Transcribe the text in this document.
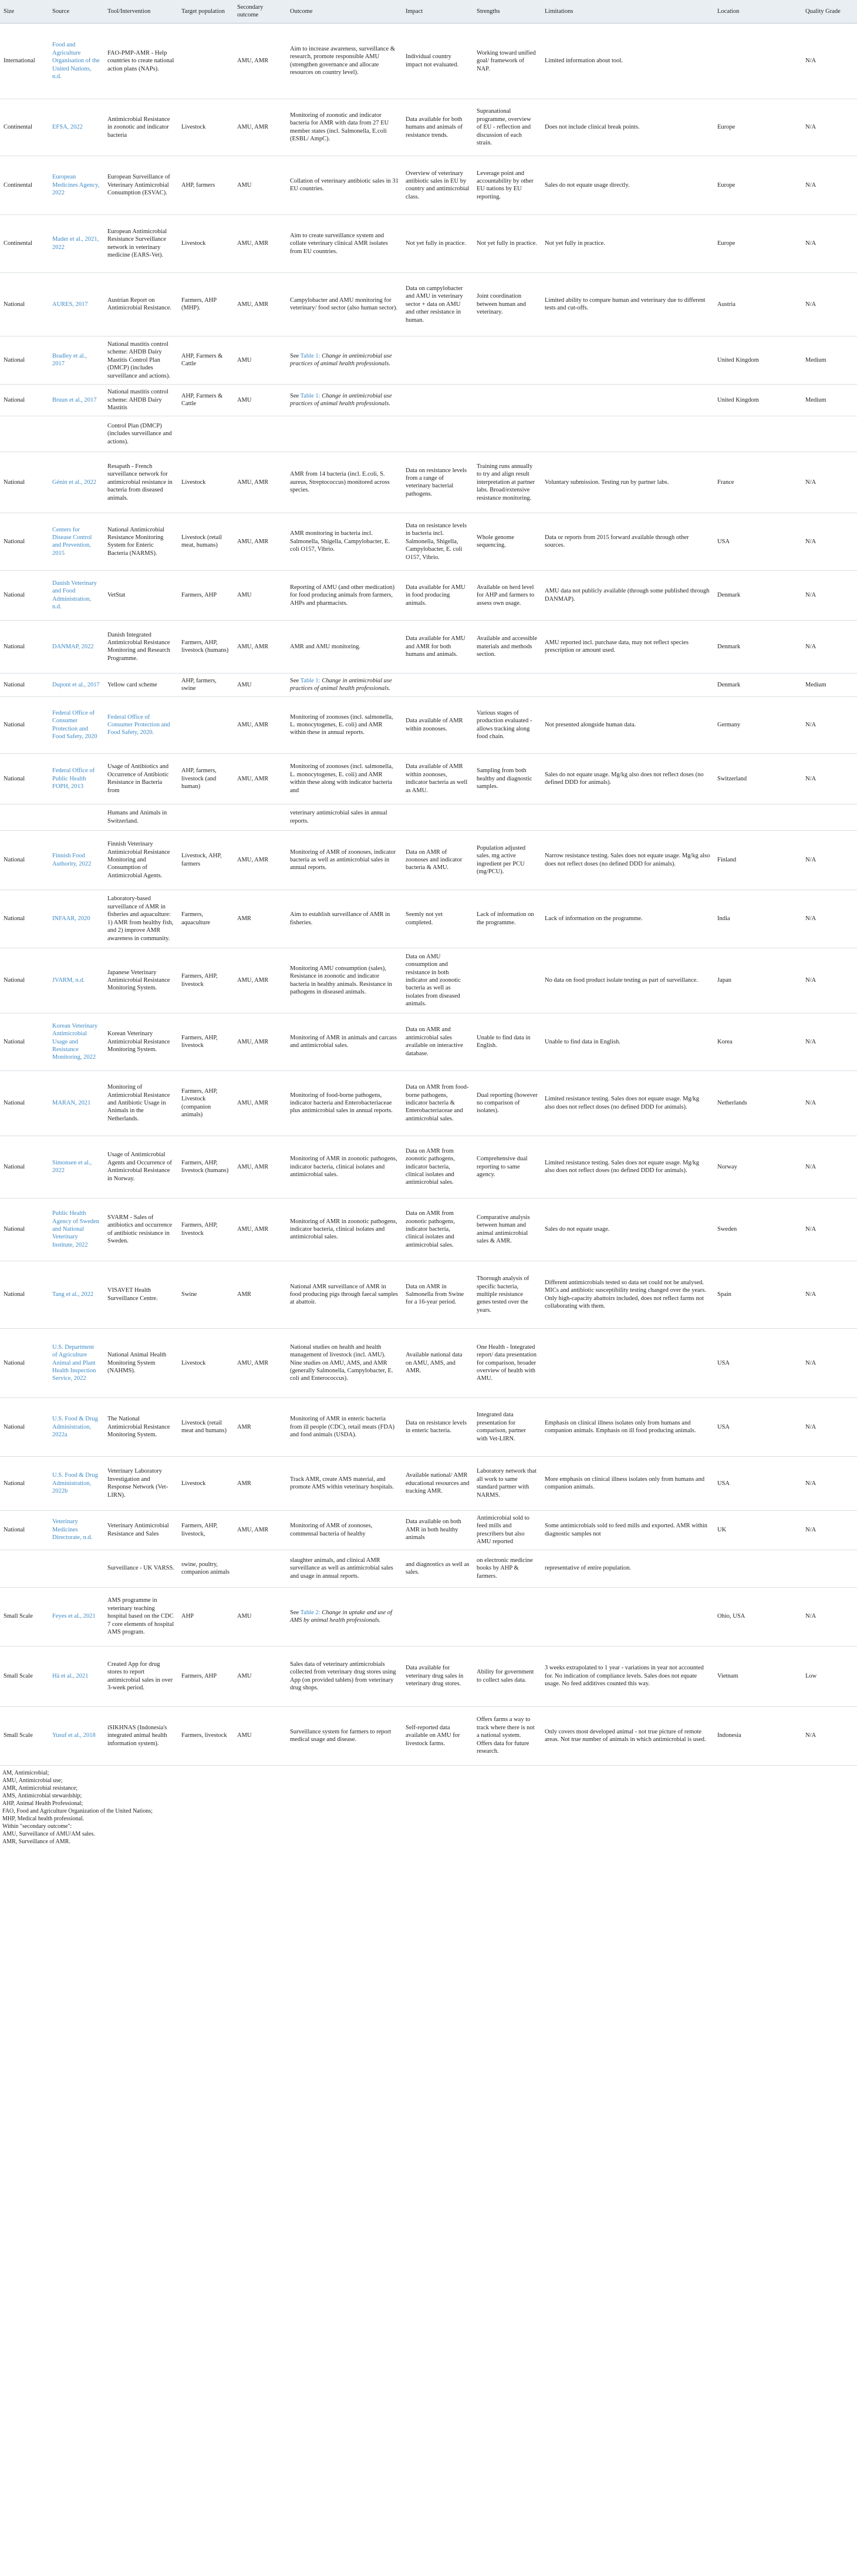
Size	Source	Tool/Intervention	Target population	Secondary outcome	Outcome	Impact	Strengths	Limitations	Location	Quality Grade
International	Food and Agriculture Organisation of the United Nations, n.d.	FAO-PMP-AMR - Help countries to create national action plans (NAPs).		AMU, AMR	Aim to increase awareness, surveillance & research, promote responsible AMU (strengthen governance and allocate resources on country level).	Individual country impact not evaluated.	Working toward unified goal/ framework of NAP.	Limited information about tool.		N/A
Continental	EFSA, 2022	Antimicrobial Resistance in zoonotic and indicator bacteria	Livestock	AMU, AMR	Monitoring of zoonotic and indicator bacteria for AMR with data from 27 EU member states (incl. Salmonella, E.coli (ESBL/ AmpC).	Data available for both humans and animals of resistance trends.	Supranational programme, overview of EU - reflection and discussion of each strain.	Does not include clinical break points.	Europe	N/A
Continental	European Medicines Agency, 2022	European Surveillance of Veterinary Antimicrobial Consumption (ESVAC).	AHP, farmers	AMU	Collation of veterinary antibiotic sales in 31 EU countries.	Overview of veterinary antibiotic sales in EU by country and antimicrobial class.	Leverage point and accountability by other EU nations by EU reporting.	Sales do not equate usage directly.	Europe	N/A
Continental	Mader et al., 2021, 2022	European Antimicrobial Resistance Surveillance network in veterinary medicine (EARS-Vet).	Livestock	AMU, AMR	Aim to create surveillance system and collate veterinary clinical AMR isolates from EU countries.	Not yet fully in practice.	Not yet fully in practice.	Not yet fully in practice.	Europe	N/A
National	AURES, 2017	Austrian Report on Antimicrobial Resistance.	Farmers, AHP (MHP).	AMU, AMR	Campylobacter and AMU monitoring for veterinary/ food sector (also human sector).	Data on campylobacter and AMU in veterinary sector + data on AMU and other resistance in human.	Joint coordination between human and veterinary.	Limited ability to compare human and veterinary due to different tests and cut-offs.	Austria	N/A
National	Bradley et al., 2017	National mastitis control scheme: AHDB Dairy Mastitis Control Plan (DMCP) (includes surveillance and actions).	AHP, Farmers & Cattle	AMU	See Table 1: Change in antimicrobial use practices of animal health professionals.				United Kingdom	Medium
National	Bruun et al., 2017	National mastitis control scheme: AHDB Dairy Mastitis	AHP, Farmers & Cattle	AMU	See Table 1: Change in antimicrobial use practices of animal health professionals.				United Kingdom	Medium
		Control Plan (DMCP) (includes surveillance and actions).								
National	Génin et al., 2022	Resapath - French surveillance network for antimicrobial resistance in bacteria from diseased animals.	Livestock	AMU, AMR	AMR from 14 bacteria (incl. E.coli, S. aureus, Streptococcus) monitored across species.	Data on resistance levels from a range of veterinary bacterial pathogens.	Training runs annually to try and align result interpretation at partner labs. Broad/extensive resistance monitoring.	Voluntary submission. Testing run by partner labs.	France	N/A
National	Centers for Disease Control and Prevention, 2015	National Antimicrobial Resistance Monitoring System for Enteric Bacteria (NARMS).	Livestock (retail meat, humans)	AMU, AMR	AMR monitoring in bacteria incl. Salmonella, Shigella, Campylobacter, E. coli O157, Vibrio.	Data on resistance levels in bacteria incl. Salmonella, Shigella, Campylobacter, E. coli O157, Vibrio.	Whole genome sequencing.	Data or reports from 2015 forward available through other sources.	USA	N/A
National	Danish Veterinary and Food Administration, n.d.	VetStat	Farmers, AHP	AMU	Reporting of AMU (and other medication) for food producing animals from farmers, AHPs and pharmacists.	Data available for AMU in food producing animals.	Available on herd level for AHP and farmers to assess own usage.	AMU data not publicly available (through some published through DANMAP).	Denmark	N/A
National	DANMAP, 2022	Danish Integrated Antimicrobial Resistance Monitoring and Research Programme.	Farmers, AHP, livestock (humans)	AMU, AMR	AMR and AMU monitoring.	Data available for AMU and AMR for both humans and animals.	Available and accessible materials and methods section.	AMU reported incl. purchase data, may not reflect species prescription or amount used.	Denmark	N/A
National	Dupont et al., 2017	Yellow card scheme	AHP, farmers, swine	AMU	See Table 1: Change in antimicrobial use practices of animal health professionals.				Denmark	Medium
National	Federal Office of Consumer Protection and Food Safety, 2020	Federal Office of Consumer Protection and Food Safety, 2020.		AMU, AMR	Monitoring of zoonoses (incl. salmonella, L. monocytogenes, E. coli) and AMR within these in annual reports.	Data available of AMR within zoonoses.	Various stages of production evaluated - allows tracking along food chain.	Not presented alongside human data.	Germany	N/A
National	Federal Office of Public Health FOPH, 2013	Usage of Antibiotics and Occurrence of Antibiotic Resistance in Bacteria from	AHP, farmers, livestock (and human)	AMU, AMR	Monitoring of zoonoses (incl. salmonella, L. monocytogenes, E. coli) and AMR within these along with indicator bacteria and	Data available of AMR within zoonoses, indicator bacteria as well as AMU.	Sampling from both healthy and diagnostic samples.	Sales do not equate usage. Mg/kg also does not reflect doses (no defined DDD for animals).	Switzerland	N/A
		Humans and Animals in Switzerland.			veterinary antimicrobial sales in annual reports.					
National	Finnish Food Authority, 2022	Finnish Veterinary Antimicrobial Resistance Monitoring and Consumption of Antimicrobial Agents.	Livestock, AHP, farmers	AMU, AMR	Monitoring of AMR of zoonoses, indicator bacteria as well as antimicrobial sales in annual reports.	Data on AMR of zoonoses and indicator bacteria & AMU.	Population adjusted sales. mg active ingredient per PCU (mg/PCU).	Narrow resistance testing. Sales does not equate usage. Mg/kg also does not reflect doses (no defined DDD for animals).	Finland	N/A
National	INFAAR, 2020	Laboratory-based surveillance of AMR in fisheries and aquaculture: 1) AMR from healthy fish, and 2) improve AMR awareness in community.	Farmers, aquaculture	AMR	Aim to establish surveillance of AMR in fisheries.	Seemly not yet completed.	Lack of information on the programme.	Lack of information on the programme.	India	N/A
National	JVARM, n.d.	Japanese Veterinary Antimicrobial Resistance Monitoring System.	Farmers, AHP, livestock	AMU, AMR	Monitoring AMU consumption (sales), Resistance in zoonotic and indicator bacteria in healthy animals. Resistance in pathogens in diseased animals.	Data on AMU consumption and resistance in both indicator and zoonotic bacteria as well as isolates from diseased animals.		No data on food product isolate testing as part of surveillance.	Japan	N/A
National	Korean Veterinary Antimicrobial Usage and Resistance Monitoring, 2022	Korean Veterinary Antimicrobial Resistance Monitoring System.	Farmers, AHP, livestock	AMU, AMR	Monitoring of AMR in animals and carcass and antimicrobial sales.	Data on AMR and antimicrobial sales available on interactive database.	Unable to find data in English.	Unable to find data in English.	Korea	N/A
National	MARAN, 2021	Monitoring of Antimicrobial Resistance and Antibiotic Usage in Animals in the Netherlands.	Farmers, AHP, Livestock (companion animals)	AMU, AMR	Monitoring of food-borne pathogens, indicator bacteria and Enterobacteriaceae plus antimicrobial sales in annual reports.	Data on AMR from food-borne pathogens, indicator bacteria & Enterobacteriaceae and antimicrobial sales.	Dual reporting (however no comparison of isolates).	Limited resistance testing. Sales does not equate usage. Mg/kg also does not reflect doses (no defined DDD for animals).	Netherlands	N/A
National	Simonsen et al., 2022	Usage of Antimicrobial Agents and Occurrence of Antimicrobial Resistance in Norway.	Farmers, AHP, livestock (humans)	AMU, AMR	Monitoring of AMR in zoonotic pathogens, indicator bacteria, clinical isolates and antimicrobial sales.	Data on AMR from zoonotic pathogens, indicator bacteria, clinical isolates and antimicrobial sales.	Comprehensive dual reporting to same agency.	Limited resistance testing. Sales does not equate usage. Mg/kg also does not reflect doses (no defined DDD for animals).	Norway	N/A
National	Public Health Agency of Sweden and National Veterinary Institute, 2022	SVARM - Sales of antibiotics and occurrence of antibiotic resistance in Sweden.	Farmers, AHP, livestock	AMU, AMR	Monitoring of AMR in zoonotic pathogens, indicator bacteria, clinical isolates and antimicrobial sales.	Data on AMR from zoonotic pathogens, indicator bacteria, clinical isolates and antimicrobial sales.	Comparative analysis between human and animal antimicrobial sales & AMR.	Sales do not equate usage.	Sweden	N/A
National	Tang et al., 2022	VISAVET Health Surveillance Centre.	Swine	AMR	National AMR surveillance of AMR in food producing pigs through faecal samples at abattoir.	Data on AMR in Salmonella from Swine for a 16-year period.	Thorough analysis of specific bacteria, multiple resistance genes tested over the years.	Different antimicrobials tested so data set could not be analysed. MICs and antibiotic susceptibility testing changed over the years. Only high-capacity abattoirs included, does not reflect farms not collaborating with them.	Spain	N/A
National	U.S. Department of Agriculture Animal and Plant Health Inspection Service, 2022	National Animal Health Monitoring System (NAHMS).	Livestock	AMU, AMR	National studies on health and health management of livestock (incl. AMU). Nine studies on AMU, AMS, and AMR (generally Salmonella, Campylobacter, E. coli and Enterococcus).	Available national data on AMU, AMS, and AMR.	One Health - Integrated report/ data presentation for comparison, broader overview of health with AMU.		USA	N/A
National	U.S. Food & Drug Administration, 2022a	The National Antimicrobial Resistance Monitoring System.	Livestock (retail meat and humans)	AMR	Monitoring of AMR in enteric bacteria from ill people (CDC), retail meats (FDA) and food animals (USDA).	Data on resistance levels in enteric bacteria.	Integrated data presentation for comparison, partner with Vet-LIRN.	Emphasis on clinical illness isolates only from humans and companion animals. Emphasis on ill food producing animals.	USA	N/A
National	U.S. Food & Drug Administration, 2022b	Veterinary Laboratory Investigation and Response Network (Vet-LIRN).	Livestock	AMR	Track AMR, create AMS material, and promote AMS within veterinary hospitals.	Available national/ AMR educational resources and tracking AMR.	Laboratory network that all work to same standard partner with NARMS.	More emphasis on clinical illness isolates only from humans and companion animals.	USA	N/A
National	Veterinary Medicines Directorate, n.d.	Veterinary Antimicrobial Resistance and Sales	Farmers, AHP, livestock,	AMU, AMR	Monitoring of AMR of zoonoses, commensal bacteria of healthy	Data available on both AMR in both healthy animals	Antimicrobial sold to feed mills and prescribers but also AMU reported	Some antimicrobials sold to feed mills and exported. AMR within diagnostic samples not	UK	N/A
		Surveillance - UK VARSS.	swine, poultry, companion animals		slaughter animals, and clinical AMR surveillance as well as antimicrobial sales and usage in annual reports.	and diagnostics as well as sales.	on electronic medicine books by AHP & farmers.	representative of entire population.		
Small Scale	Feyes et al., 2021	AMS programme in veterinary teaching hospital based on the CDC 7 core elements of hospital AMS program.	AHP	AMU	See Table 2: Change in uptake and use of AMS by animal health professionals.				Ohio, USA	N/A
Small Scale	Hà et al., 2021	Created App for drug stores to report antimicrobial sales in over 3-week period.	Farmers, AHP	AMU	Sales data of veterinary antimicrobials collected from veterinary drug stores using App (on provided tablets) from veterinary drug shops.	Data available for veterinary drug sales in veterinary drug stores.	Ability for government to collect sales data.	3 weeks extrapolated to 1 year - variations in year not accounted for. No indication of compliance levels. Sales does not equate usage. No feed additives counted this way.	Vietnam	Low
Small Scale	Yusuf et al., 2018	iSIKHNAS (Indonesia's integrated animal health information system).	Farmers, livestock	AMU	Surveillance system for farmers to report medical usage and disease.	Self-reported data available on AMU for livestock farms.	Offers farms a way to track where there is not a national system. Offers data for future research.	Only covers most developed animal - not true picture of remote areas. Not true number of animals in which antimicrobial is used.	Indonesia	N/A
AM, Antimicrobial;
AMU, Antimicrobial use;
AMR, Antimicrobial resistance;
AMS, Antimicrobial stewardship;
AHP, Animal Health Professional;
FAO, Food and Agriculture Organization of the United Nations;
MHP, Medical health professional.
Within "secondary outcome":
AMU, Surveillance of AMU/AM sales.
AMR, Surveillance of AMR.
